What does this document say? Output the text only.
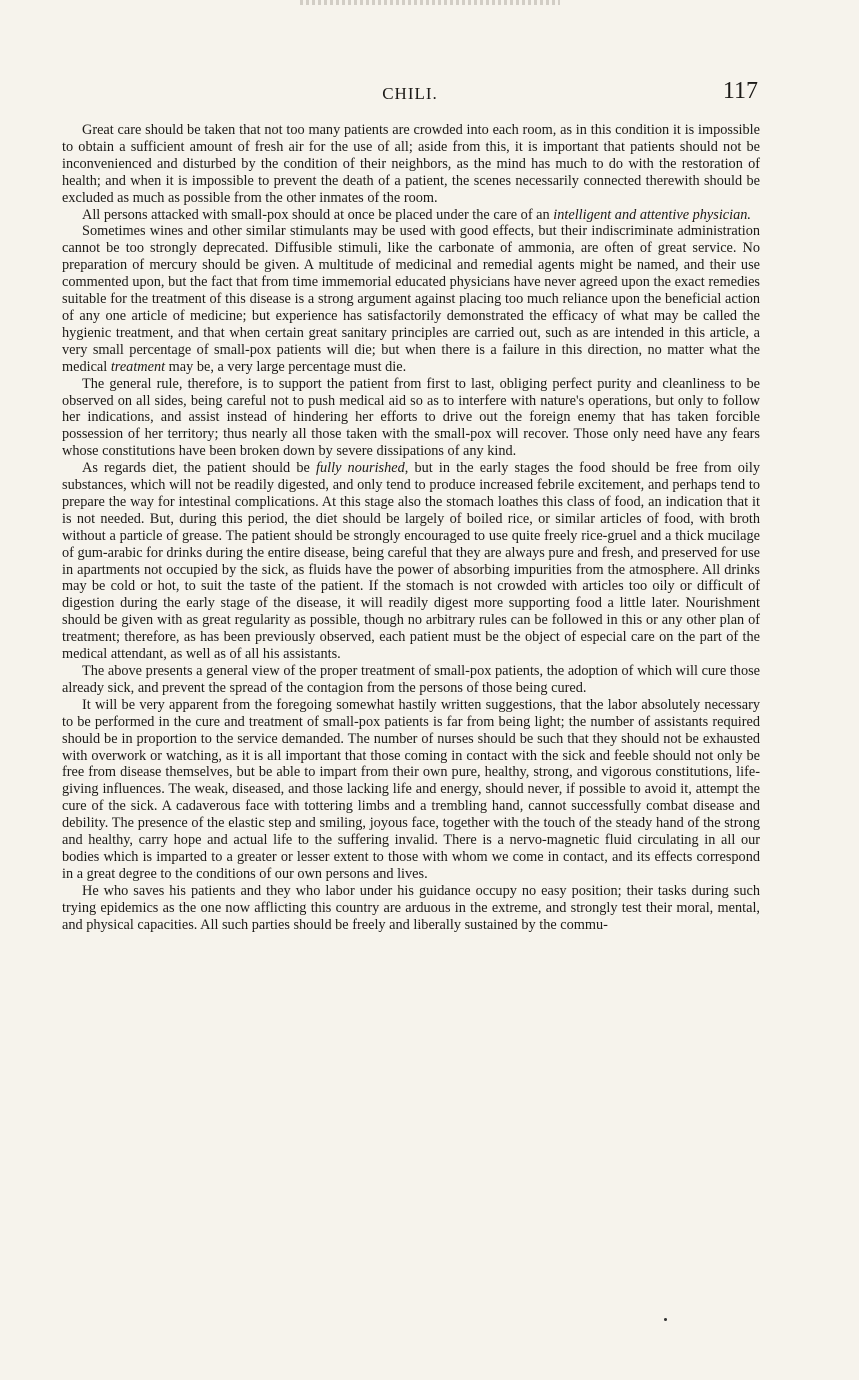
CHILI.	117

Great care should be taken that not too many patients are crowded into each room, as in this condition it is impossible to obtain a sufficient amount of fresh air for the use of all; aside from this, it is important that patients should not be inconvenienced and disturbed by the condition of their neighbors, as the mind has much to do with the restoration of health; and when it is impossible to prevent the death of a patient, the scenes necessarily connected therewith should be excluded as much as possible from the other inmates of the room.

All persons attacked with small-pox should at once be placed under the care of an intelligent and attentive physician.

Sometimes wines and other similar stimulants may be used with good effects, but their indiscriminate administration cannot be too strongly deprecated. Diffusible stimuli, like the carbonate of ammonia, are often of great service. No preparation of mercury should be given. A multitude of medicinal and remedial agents might be named, and their use commented upon, but the fact that from time immemorial educated physicians have never agreed upon the exact remedies suitable for the treatment of this disease is a strong argument against placing too much reliance upon the beneficial action of any one article of medicine; but experience has satisfactorily demonstrated the efficacy of what may be called the hygienic treatment, and that when certain great sanitary principles are carried out, such as are intended in this article, a very small percentage of small-pox patients will die; but when there is a failure in this direction, no matter what the medical treatment may be, a very large percentage must die.

The general rule, therefore, is to support the patient from first to last, obliging perfect purity and cleanliness to be observed on all sides, being careful not to push medical aid so as to interfere with nature's operations, but only to follow her indications, and assist instead of hindering her efforts to drive out the foreign enemy that has taken forcible possession of her territory; thus nearly all those taken with the small-pox will recover. Those only need have any fears whose constitutions have been broken down by severe dissipations of any kind.

As regards diet, the patient should be fully nourished, but in the early stages the food should be free from oily substances, which will not be readily digested, and only tend to produce increased febrile excitement, and perhaps tend to prepare the way for intestinal complications. At this stage also the stomach loathes this class of food, an indication that it is not needed. But, during this period, the diet should be largely of boiled rice, or similar articles of food, with broth without a particle of grease. The patient should be strongly encouraged to use quite freely rice-gruel and a thick mucilage of gum-arabic for drinks during the entire disease, being careful that they are always pure and fresh, and preserved for use in apartments not occupied by the sick, as fluids have the power of absorbing impurities from the atmosphere. All drinks may be cold or hot, to suit the taste of the patient. If the stomach is not crowded with articles too oily or difficult of digestion during the early stage of the disease, it will readily digest more supporting food a little later. Nourishment should be given with as great regularity as possible, though no arbitrary rules can be followed in this or any other plan of treatment; therefore, as has been previously observed, each patient must be the object of especial care on the part of the medical attendant, as well as of all his assistants.

The above presents a general view of the proper treatment of small-pox patients, the adoption of which will cure those already sick, and prevent the spread of the contagion from the persons of those being cured.

It will be very apparent from the foregoing somewhat hastily written suggestions, that the labor absolutely necessary to be performed in the cure and treatment of small-pox patients is far from being light; the number of assistants required should be in proportion to the service demanded. The number of nurses should be such that they should not be exhausted with overwork or watching, as it is all important that those coming in contact with the sick and feeble should not only be free from disease themselves, but be able to impart from their own pure, healthy, strong, and vigorous constitutions, life-giving influences. The weak, diseased, and those lacking life and energy, should never, if possible to avoid it, attempt the cure of the sick. A cadaverous face with tottering limbs and a trembling hand, cannot successfully combat disease and debility. The presence of the elastic step and smiling, joyous face, together with the touch of the steady hand of the strong and healthy, carry hope and actual life to the suffering invalid. There is a nervo-magnetic fluid circulating in all our bodies which is imparted to a greater or lesser extent to those with whom we come in contact, and its effects correspond in a great degree to the conditions of our own persons and lives.

He who saves his patients and they who labor under his guidance occupy no easy position; their tasks during such trying epidemics as the one now afflicting this country are arduous in the extreme, and strongly test their moral, mental, and physical capacities. All such parties should be freely and liberally sustained by the commu-
